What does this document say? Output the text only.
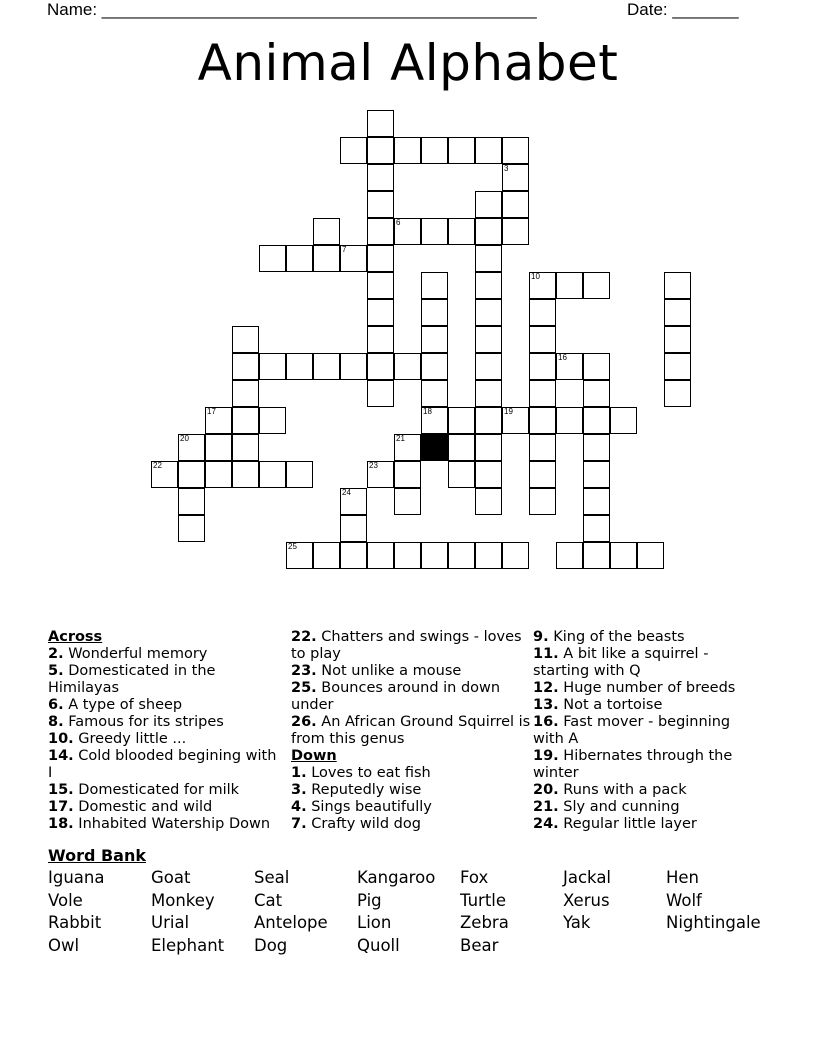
Name: ______________________________________________	Date: _______
Animal Alphabet
3
6
18	19
7
10
16
17
20
22
21
23
24
25

Across

2. Wonderful memory

5. Domesticated in the Himilayas

6. A type of sheep

8. Famous for its stripes

10. Greedy little ...

14. Cold blooded begining with I

15. Domesticated for milk

17. Domestic and wild

18. Inhabited Watership Down

22. Chatters and swings - loves to play

23. Not unlike a mouse

25. Bounces around in down under

26. An African Ground Squirrel is from this genus

Down

1. Loves to eat fish

3. Reputedly wise

4. Sings beautifully

7. Crafty wild dog

9. King of the beasts

11. A bit like a squirrel - starting with Q

12. Huge number of breeds

13. Not a tortoise

16. Fast mover - beginning with A

19. Hibernates through the winter

20. Runs with a pack

21. Sly and cunning

24. Regular little layer

Word Bank
Iguana	Goat	Seal	Kangaroo	Fox	Jackal	Hen
Vole	Monkey	Cat	Pig	Turtle	Xerus	Wolf
Rabbit	Urial	Antelope	Lion	Zebra	Yak	Nightingale
Owl	Elephant	Dog	Quoll	Bear
